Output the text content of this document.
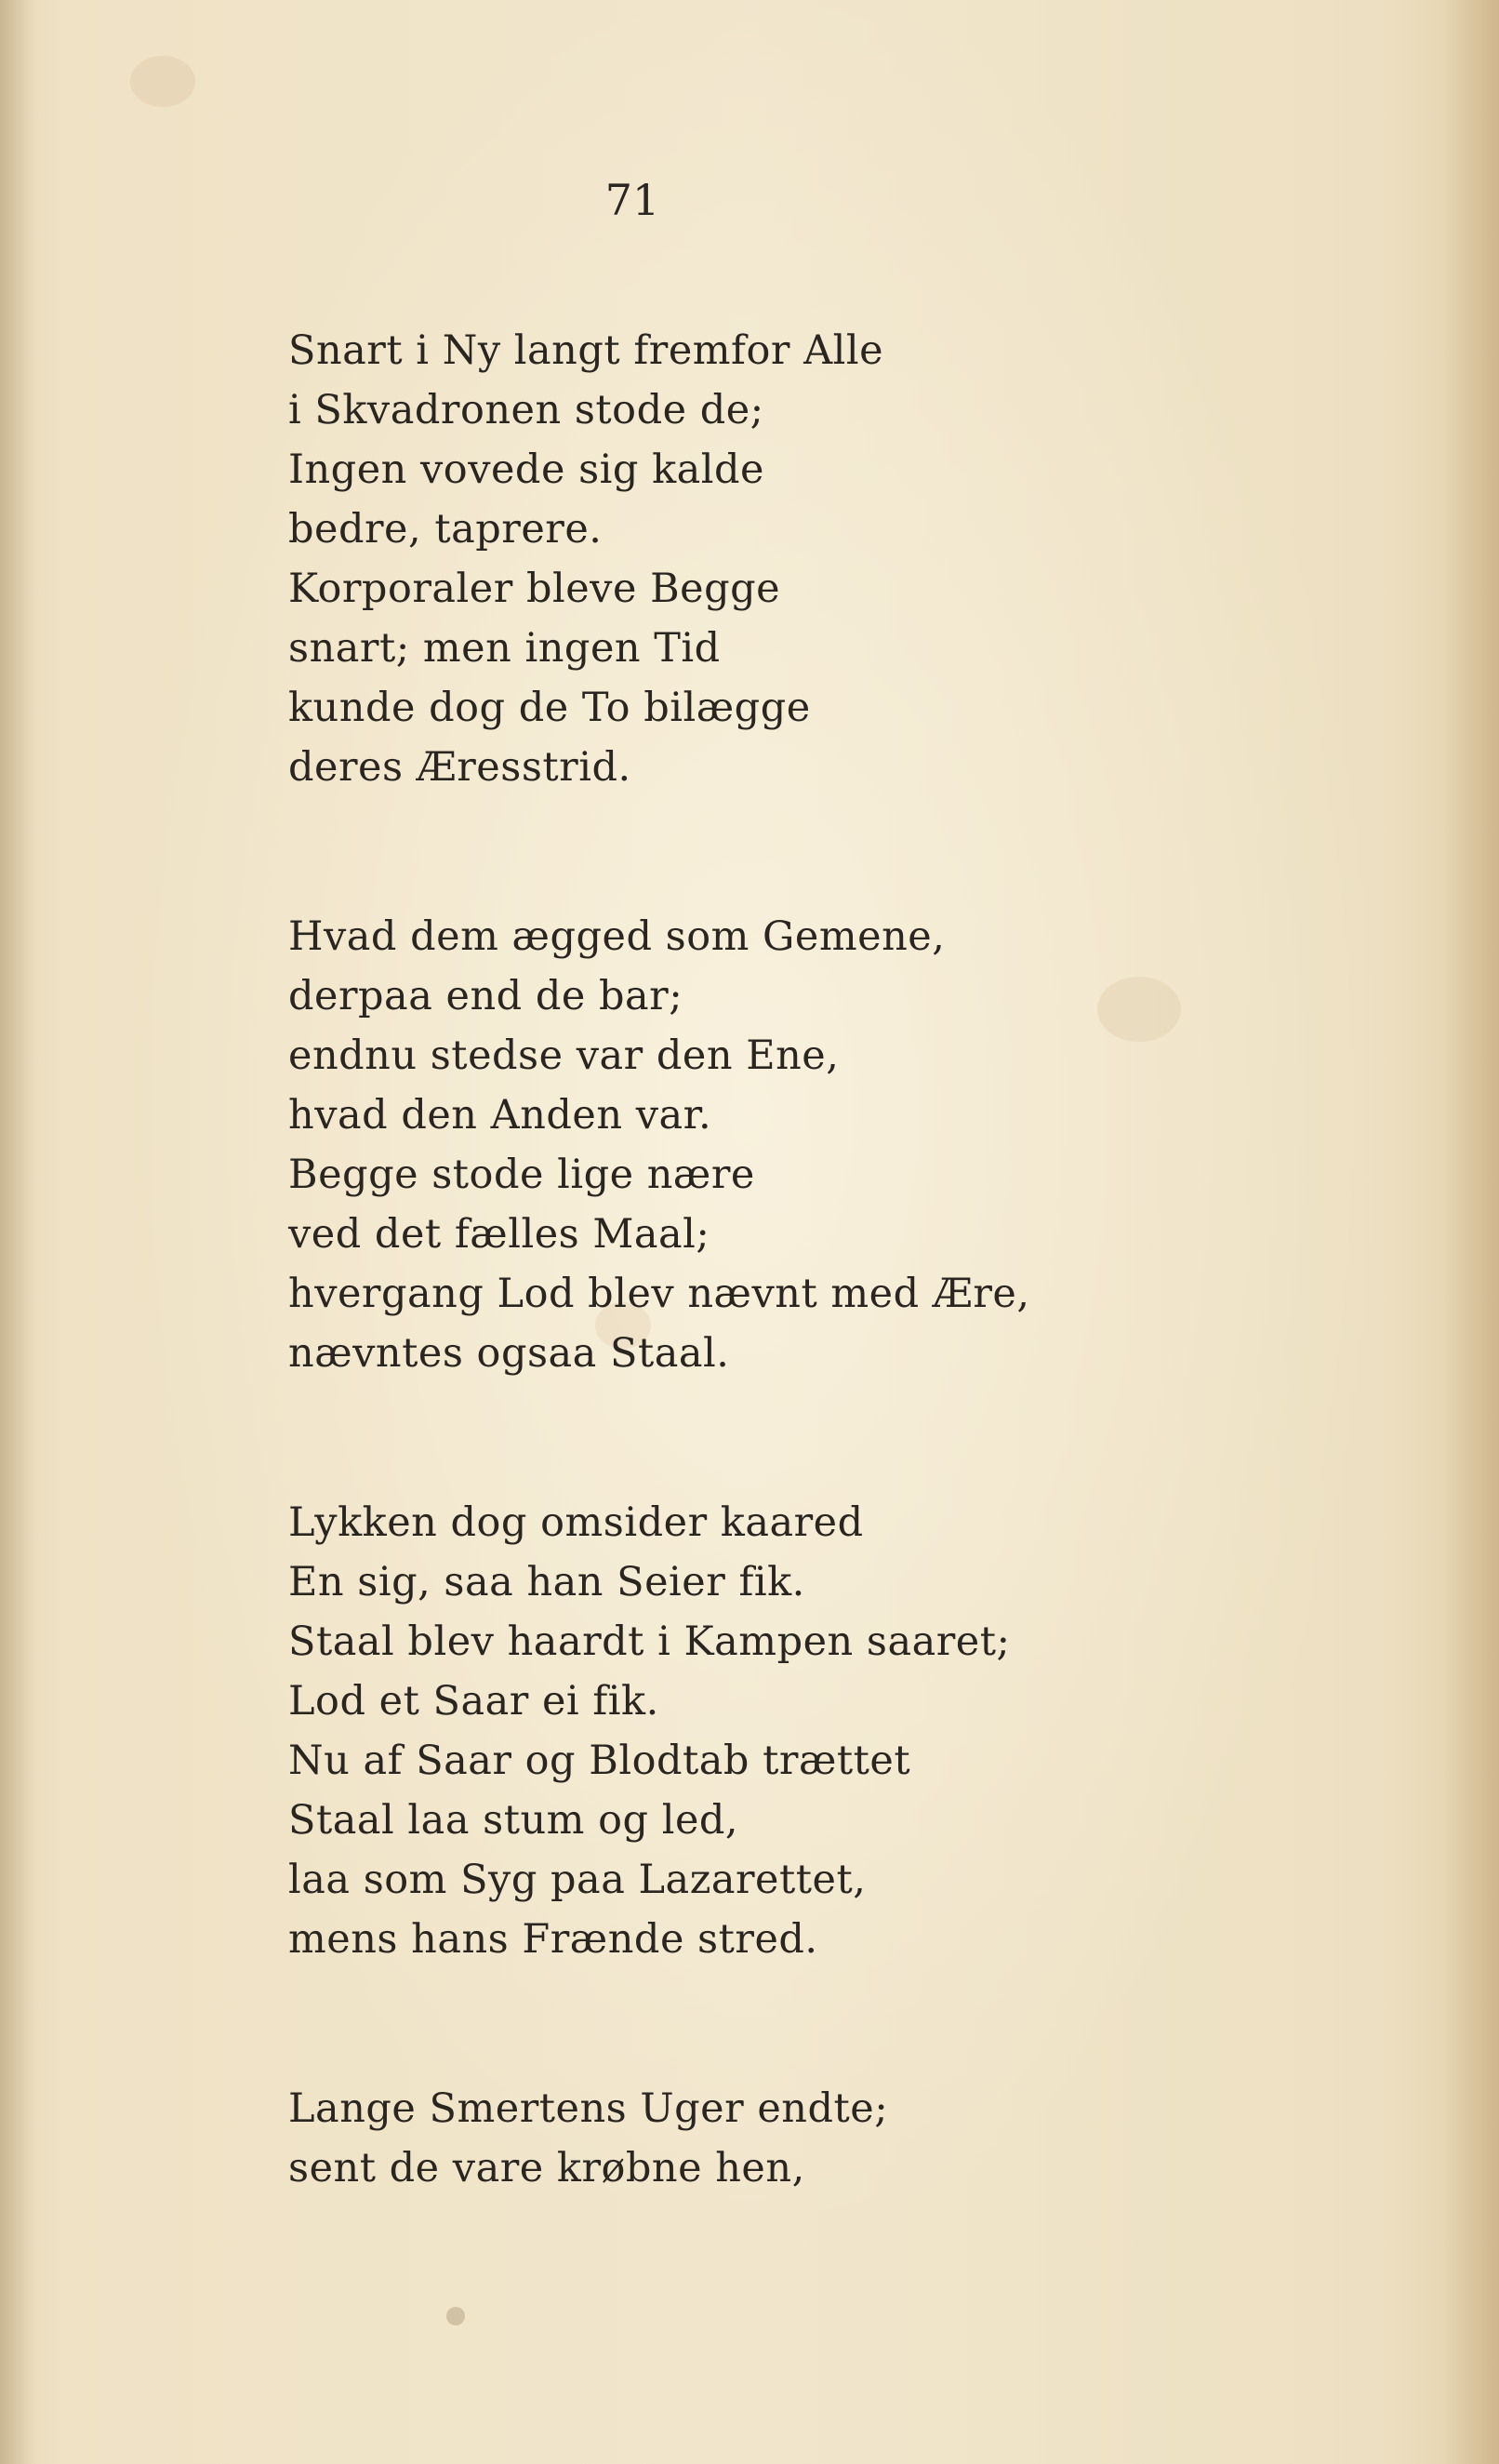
71
Snart i Ny langt fremfor Alle
i Skvadronen stode de;
Ingen vovede sig kalde
bedre, taprere.
Korporaler bleve Begge
snart; men ingen Tid
kunde dog de To bilægge
deres Æresstrid.
Hvad dem ægged som Gemene,
derpaa end de bar;
endnu stedse var den Ene,
hvad den Anden var.
Begge stode lige nære
ved det fælles Maal;
hvergang Lod blev nævnt med Ære,
nævntes ogsaa Staal.
Lykken dog omsider kaared
En sig, saa han Seier fik.
Staal blev haardt i Kampen saaret;
Lod et Saar ei fik.
Nu af Saar og Blodtab trættet
Staal laa stum og led,
laa som Syg paa Lazarettet,
mens hans Frænde stred.
Lange Smertens Uger endte;
sent de vare krøbne hen,
